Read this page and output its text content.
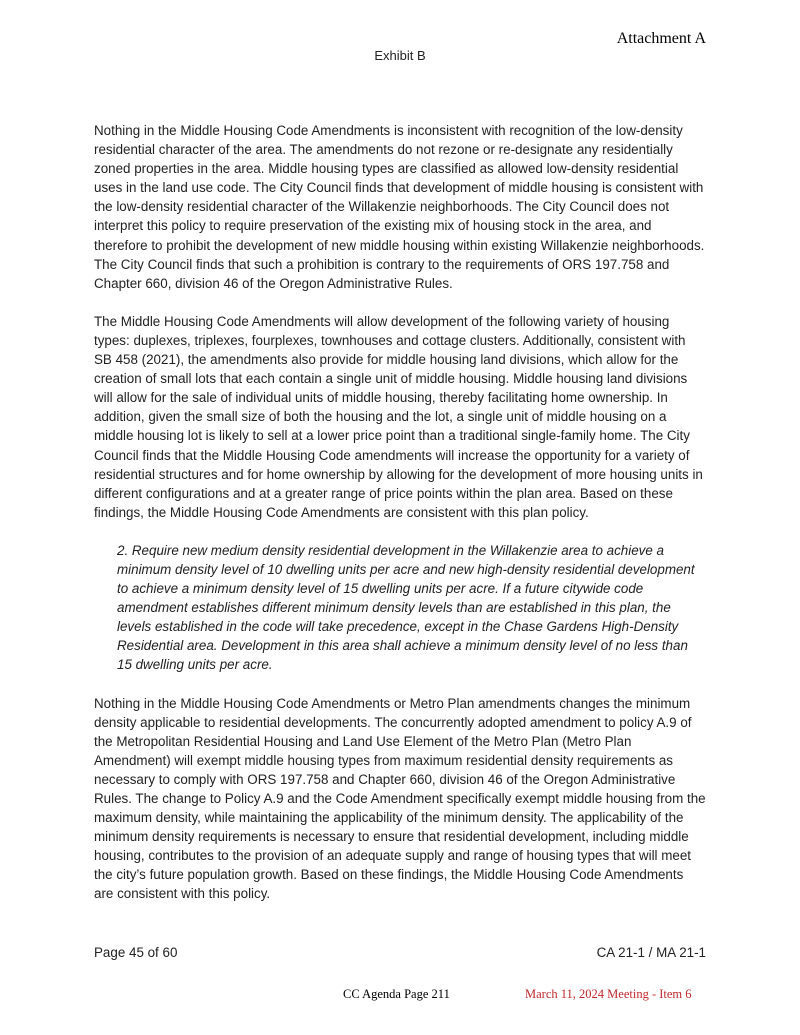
Attachment A
Exhibit B

Nothing in the Middle Housing Code Amendments is inconsistent with recognition of the low-density residential character of the area. The amendments do not rezone or re-designate any residentially zoned properties in the area. Middle housing types are classified as allowed low-density residential uses in the land use code. The City Council finds that development of middle housing is consistent with the low-density residential character of the Willakenzie neighborhoods. The City Council does not interpret this policy to require preservation of the existing mix of housing stock in the area, and therefore to prohibit the development of new middle housing within existing Willakenzie neighborhoods. The City Council finds that such a prohibition is contrary to the requirements of ORS 197.758 and Chapter 660, division 46 of the Oregon Administrative Rules.

The Middle Housing Code Amendments will allow development of the following variety of housing types: duplexes, triplexes, fourplexes, townhouses and cottage clusters. Additionally, consistent with SB 458 (2021), the amendments also provide for middle housing land divisions, which allow for the creation of small lots that each contain a single unit of middle housing. Middle housing land divisions will allow for the sale of individual units of middle housing, thereby facilitating home ownership. In addition, given the small size of both the housing and the lot, a single unit of middle housing on a middle housing lot is likely to sell at a lower price point than a traditional single-family home. The City Council finds that the Middle Housing Code amendments will increase the opportunity for a variety of residential structures and for home ownership by allowing for the development of more housing units in different configurations and at a greater range of price points within the plan area. Based on these findings, the Middle Housing Code Amendments are consistent with this plan policy.

2. Require new medium density residential development in the Willakenzie area to achieve a minimum density level of 10 dwelling units per acre and new high-density residential development to achieve a minimum density level of 15 dwelling units per acre. If a future citywide code amendment establishes different minimum density levels than are established in this plan, the levels established in the code will take precedence, except in the Chase Gardens High-Density Residential area. Development in this area shall achieve a minimum density level of no less than 15 dwelling units per acre.

Nothing in the Middle Housing Code Amendments or Metro Plan amendments changes the minimum density applicable to residential developments. The concurrently adopted amendment to policy A.9 of the Metropolitan Residential Housing and Land Use Element of the Metro Plan (Metro Plan Amendment) will exempt middle housing types from maximum residential density requirements as necessary to comply with ORS 197.758 and Chapter 660, division 46 of the Oregon Administrative Rules. The change to Policy A.9 and the Code Amendment specifically exempt middle housing from the maximum density, while maintaining the applicability of the minimum density. The applicability of the minimum density requirements is necessary to ensure that residential development, including middle housing, contributes to the provision of an adequate supply and range of housing types that will meet the city’s future population growth. Based on these findings, the Middle Housing Code Amendments are consistent with this policy.

Page 45 of 60	CA 21-1 / MA 21-1
CC Agenda Page 211	March 11, 2024 Meeting - Item 6
